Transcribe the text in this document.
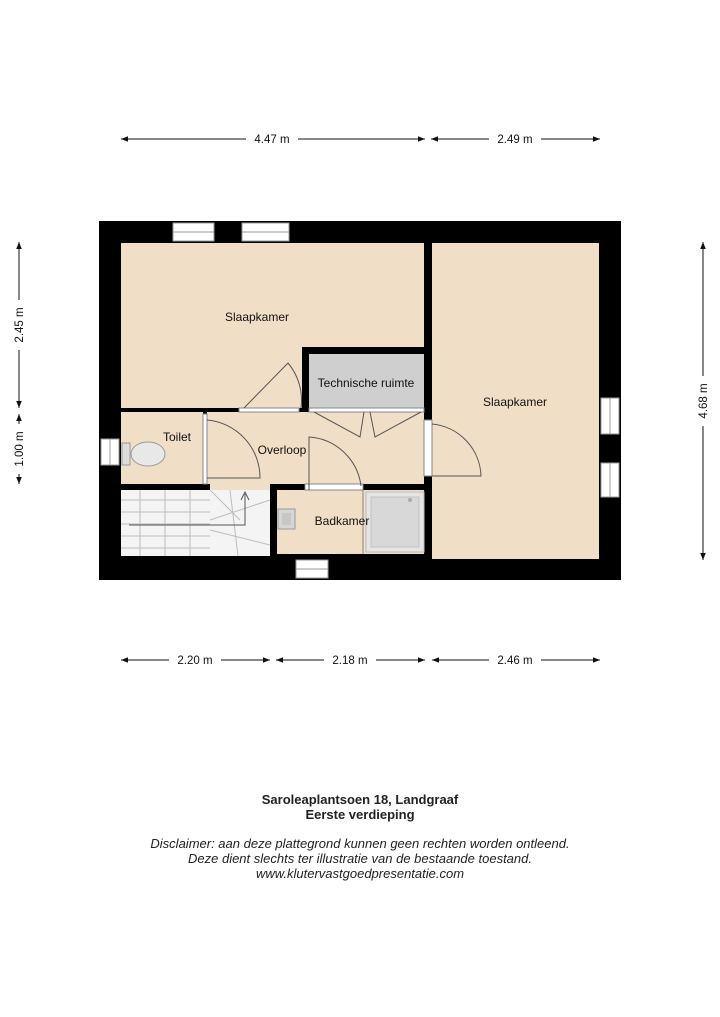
Slaapkamer
Technische ruimte
Slaapkamer
Toilet
Overloop
Badkamer
4.47 m	2.49 m
2.20 m	2.18 m	2.46 m
2.45 m
1.00 m
4.68 m
Saroleaplantsoen 18, Landgraaf
Eerste verdieping
Disclaimer: aan deze plattegrond kunnen geen rechten worden ontleend.
Deze dient slechts ter illustratie van de bestaande toestand.
www.klutervastgoedpresentatie.com
